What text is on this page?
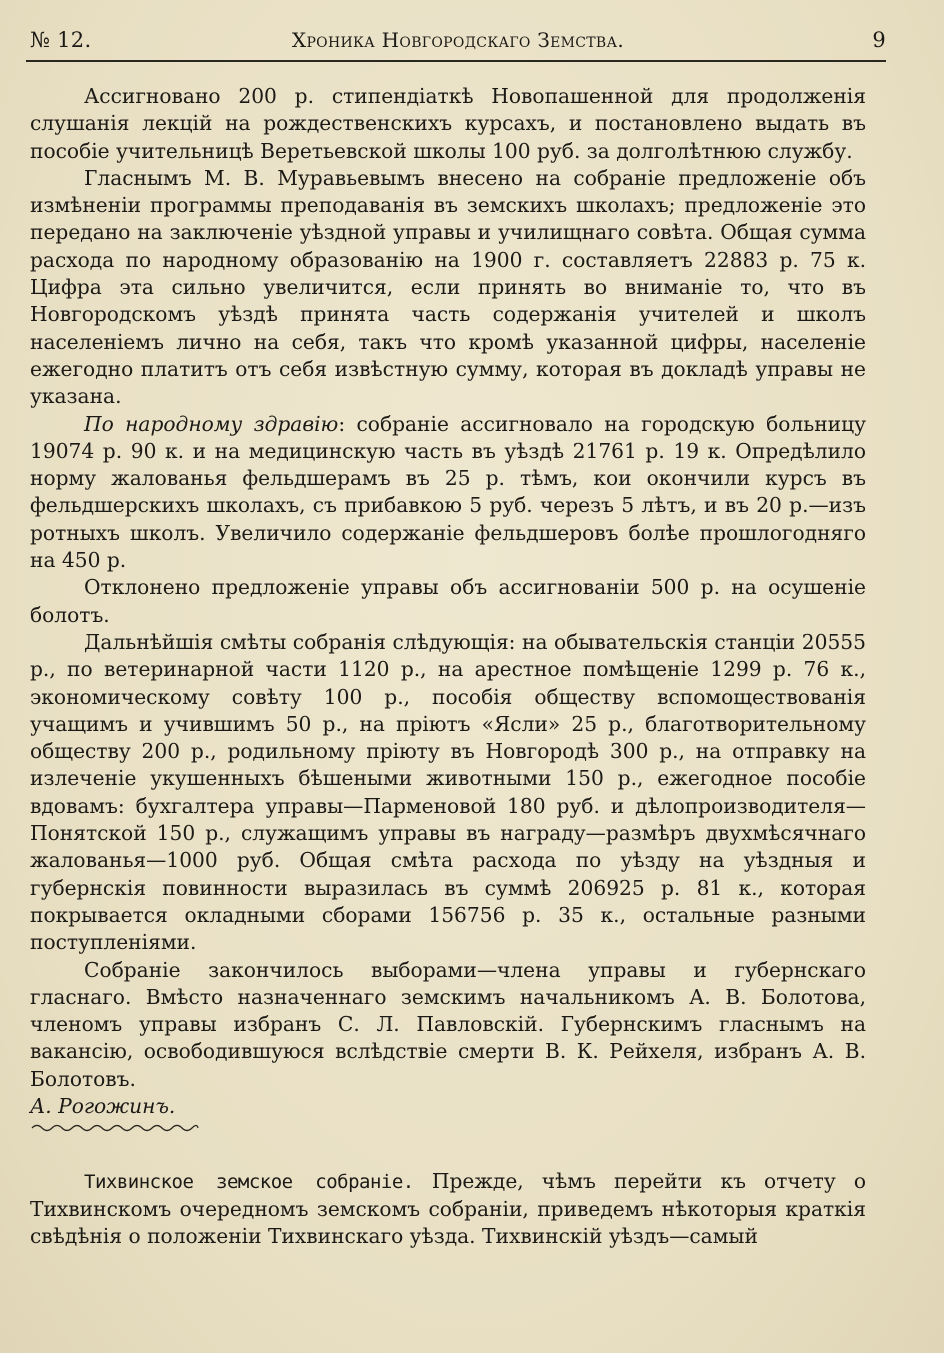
№ 12.	Хроника Новгородскаго Земства.	9

Ассигновано 200 р. стипендіаткѣ Новопашенной для продолженія слушанія лекцій на рождественскихъ курсахъ, и постановлено выдать въ пособіе учительницѣ Веретьевской школы 100 руб. за долголѣтнюю службу.

Гласнымъ М. В. Муравьевымъ внесено на собраніе предложеніе объ измѣненіи программы преподаванія въ земскихъ школахъ; предложеніе это передано на заключеніе уѣздной управы и училищнаго совѣта. Общая сумма расхода по народному образованію на 1900 г. составляетъ 22883 р. 75 к. Цифра эта сильно увеличится, если принять во вниманіе то, что въ Новгородскомъ уѣздѣ принята часть содержанія учителей и школъ населеніемъ лично на себя, такъ что кромѣ указанной цифры, населеніе ежегодно платитъ отъ себя извѣстную сумму, которая въ докладѣ управы не указана.

По народному здравію: собраніе ассигновало на городскую больницу 19074 р. 90 к. и на медицинскую часть въ уѣздѣ 21761 р. 19 к. Опредѣлило норму жалованья фельдшерамъ въ 25 р. тѣмъ, кои окончили курсъ въ фельдшерскихъ школахъ, съ прибавкою 5 руб. черезъ 5 лѣтъ, и въ 20 р.—изъ ротныхъ школъ. Увеличило содержаніе фельдшеровъ болѣе прошлогодняго на 450 р.

Отклонено предложеніе управы объ ассигнованіи 500 р. на осушеніе болотъ.

Дальнѣйшія смѣты собранія слѣдующія: на обывательскія станціи 20555 р., по ветеринарной части 1120 р., на арестное помѣщеніе 1299 р. 76 к., экономическому совѣту 100 р., пособія обществу вспомоществованія учащимъ и учившимъ 50 р., на пріютъ «Ясли» 25 р., благотворительному обществу 200 р., родильному пріюту въ Новгородѣ 300 р., на отправку на излеченіе укушенныхъ бѣшеными животными 150 р., ежегодное пособіе вдовамъ: бухгалтера управы—Парменовой 180 руб. и дѣлопроизводителя—Понятской 150 р., служащимъ управы въ награду—размѣръ двухмѣсячнаго жалованья—1000 руб. Общая смѣта расхода по уѣзду на уѣздныя и губернскія повинности выразилась въ суммѣ 206925 р. 81 к., которая покрывается окладными сборами 156756 р. 35 к., остальные разными поступленіями.

Собраніе закончилось выборами—члена управы и губернскаго гласнаго. Вмѣсто назначеннаго земскимъ начальникомъ А. В. Болотова, членомъ управы избранъ С. Л. Павловскій. Губернскимъ гласнымъ на вакансію, освободившуюся вслѣдствіе смерти В. К. Рейхеля, избранъ А. В. Болотовъ.

А. Рогожинъ.

Тихвинское земское собраніе. Прежде, чѣмъ перейти къ отчету о Тихвинскомъ очередномъ земскомъ собраніи, приведемъ нѣкоторыя краткія свѣдѣнія о положеніи Тихвинскаго уѣзда. Тихвинскій уѣздъ—самый
